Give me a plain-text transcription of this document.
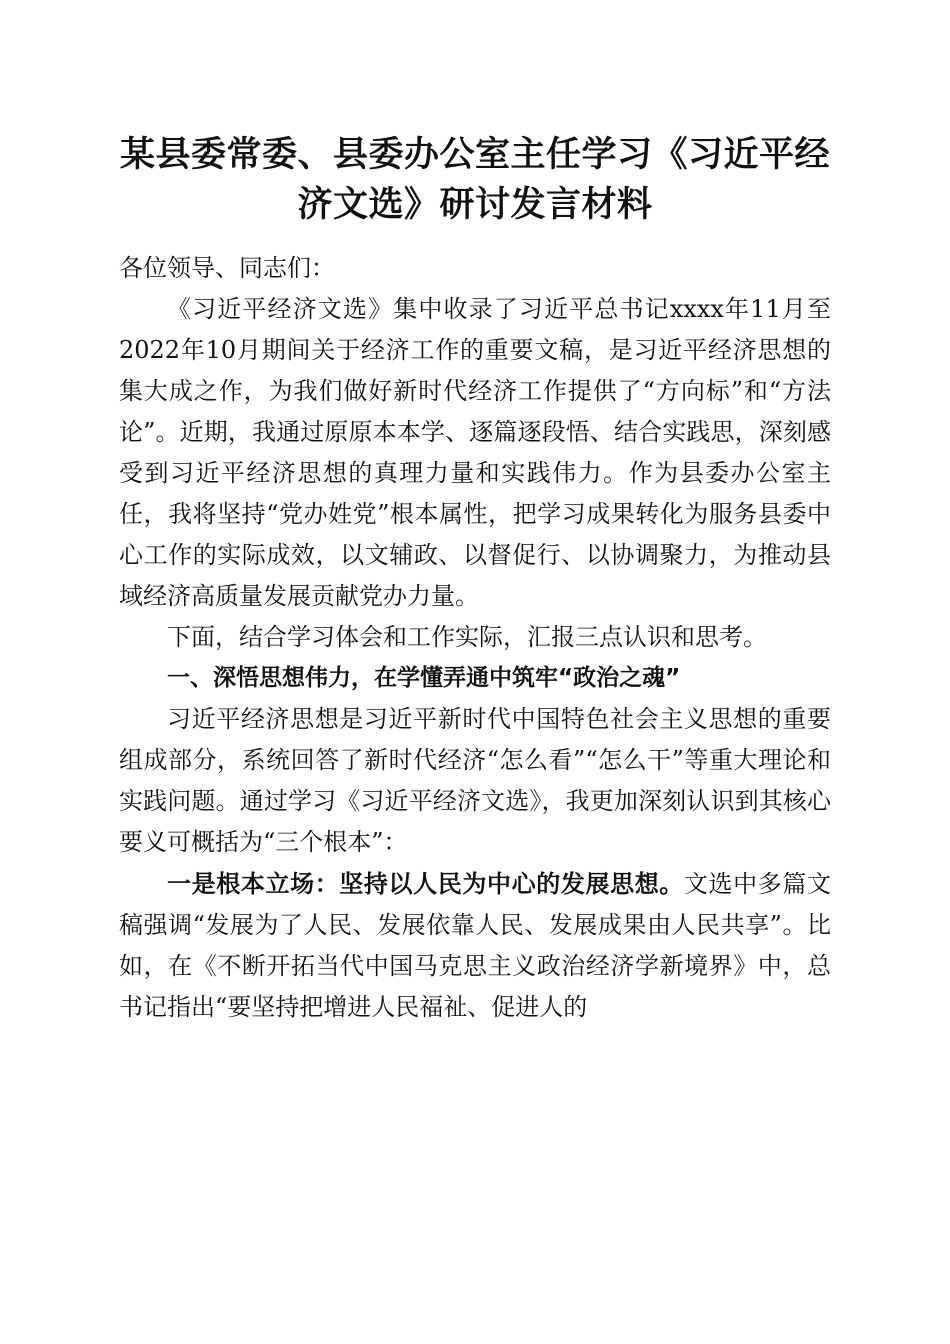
某县委常委、县委办公室主任学习《习近平经
济文选》研讨发言材料

各位领导、同志们：

《习近平经济文选》集中收录了习近平总书记xxxx年11月至2022年10月期间关于经济工作的重要文稿，是习近平经济思想的集大成之作，为我们做好新时代经济工作提供了“方向标”和“方法论”。近期，我通过原原本本学、逐篇逐段悟、结合实践思，深刻感受到习近平经济思想的真理力量和实践伟力。作为县委办公室主任，我将坚持“党办姓党”根本属性，把学习成果转化为服务县委中心工作的实际成效，以文辅政、以督促行、以协调聚力，为推动县域经济高质量发展贡献党办力量。

下面，结合学习体会和工作实际，汇报三点认识和思考。

一、深悟思想伟力，在学懂弄通中筑牢“政治之魂”

习近平经济思想是习近平新时代中国特色社会主义思想的重要组成部分，系统回答了新时代经济“怎么看”“怎么干”等重大理论和实践问题。通过学习《习近平经济文选》，我更加深刻认识到其核心要义可概括为“三个根本”：

一是根本立场：坚持以人民为中心的发展思想。文选中多篇文稿强调“发展为了人民、发展依靠人民、发展成果由人民共享”。比如，在《不断开拓当代中国马克思主义政治经济学新境界》中，总书记指出“要坚持把增进人民福祉、促进人的
